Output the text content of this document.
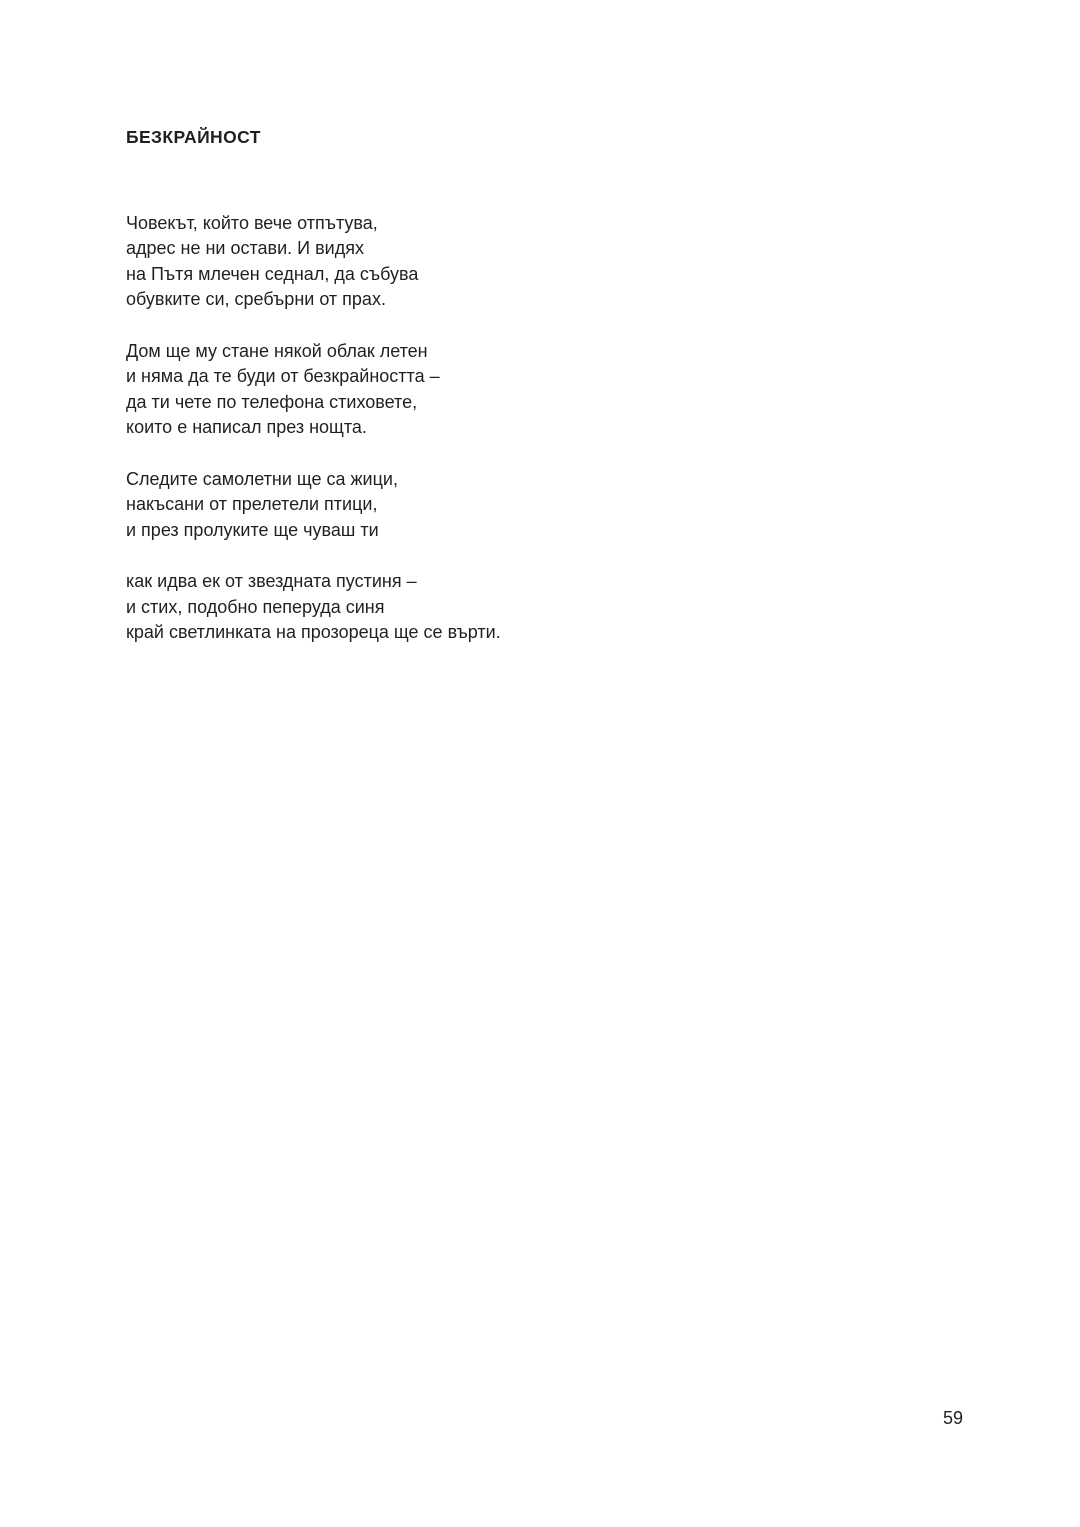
БЕЗКРАЙНОСТ
Човекът, който вече отпътува,
адрес не ни остави. И видях
на Пътя млечен седнал, да събува
обувките си, сребърни от прах.
Дом ще му стане някой облак летен
и няма да те буди от безкрайността –
да ти чете по телефона стиховете,
които е написал през нощта.
Следите самолетни ще са жици,
накъсани от прелетели птици,
и през пролуките ще чуваш ти
как идва ек от звездната пустиня –
и стих, подобно пеперуда синя
край светлинката на прозореца ще се върти.
59
